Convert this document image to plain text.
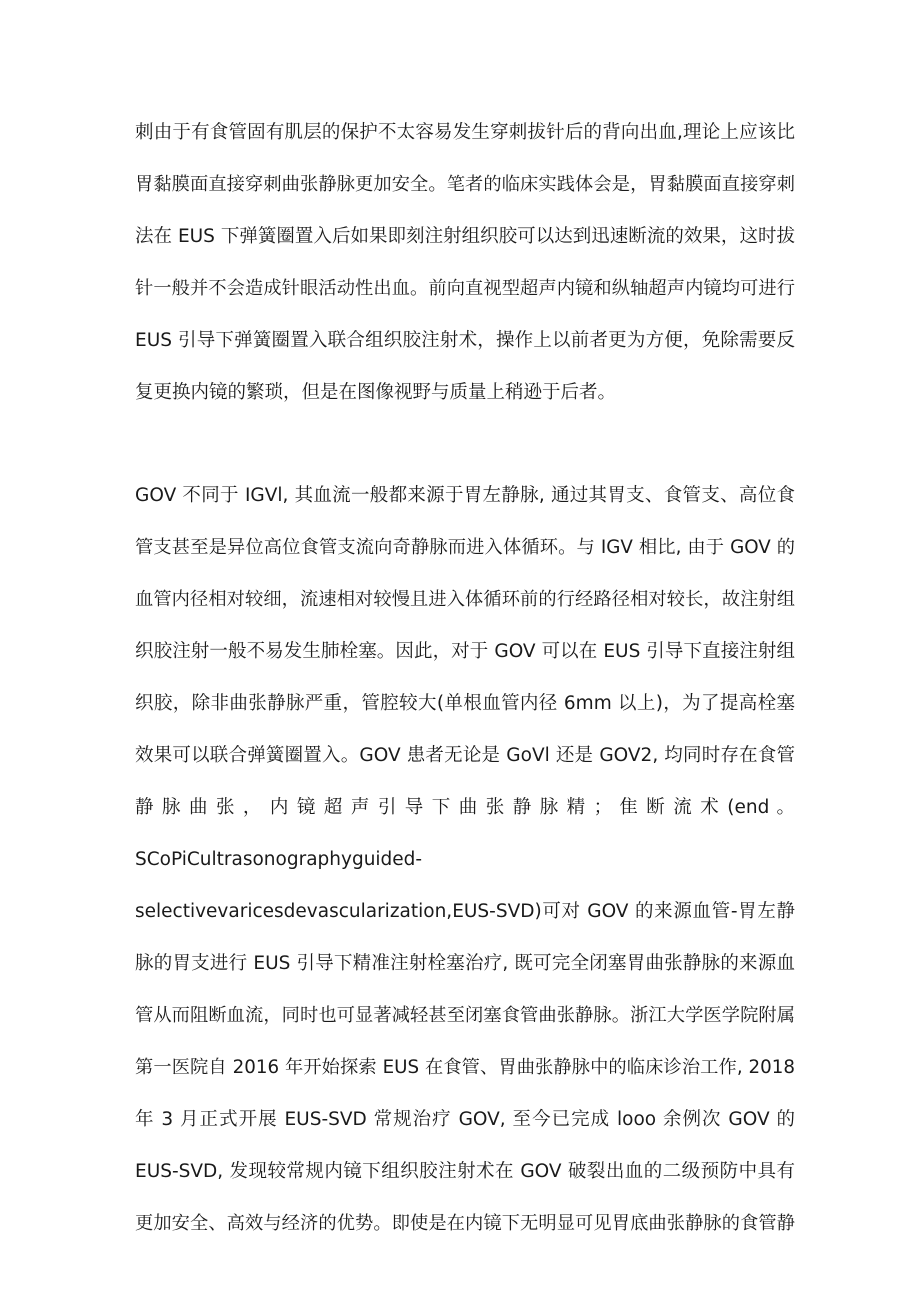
刺由于有食管固有肌层的保护不太容易发生穿刺拔针后的背向出血,理论上应该比
胃黏膜面直接穿刺曲张静脉更加安全。笔者的临床实践体会是，胃黏膜面直接穿刺
法在 EUS 下弹簧圈置入后如果即刻注射组织胶可以达到迅速断流的效果，这时拔
针一般并不会造成针眼活动性出血。前向直视型超声内镜和纵轴超声内镜均可进行
EUS 引导下弹簧圈置入联合组织胶注射术，操作上以前者更为方便，免除需要反
复更换内镜的繁琐，但是在图像视野与质量上稍逊于后者。
GOV 不同于 IGVl, 其血流一般都来源于胃左静脉, 通过其胃支、食管支、高位食
管支甚至是异位高位食管支流向奇静脉而进入体循环。与 IGV 相比, 由于 GOV 的
血管内径相对较细，流速相对较慢且进入体循环前的行经路径相对较长，故注射组
织胶注射一般不易发生肺栓塞。因此，对于 GOV 可以在 EUS 引导下直接注射组
织胶，除非曲张静脉严重，管腔较大(单根血管内径 6mm 以上)，为了提高栓塞
效果可以联合弹簧圈置入。GOV 患者无论是 GoVl 还是 GOV2, 均同时存在食管
静 脉 曲 张 ， 内 镜 超 声 引 导 下 曲 张 静 脉 精 ； 隹 断 流 术 (end 。
SCoPiCultrasonographyguided-
selectivevaricesdevascularization,EUS-SVD)可对 GOV 的来源血管-胃左静
脉的胃支进行 EUS 引导下精准注射栓塞治疗, 既可完全闭塞胃曲张静脉的来源血
管从而阻断血流，同时也可显著减轻甚至闭塞食管曲张静脉。浙江大学医学院附属
第一医院自 2016 年开始探索 EUS 在食管、胃曲张静脉中的临床诊治工作, 2018
年 3 月正式开展 EUS-SVD 常规治疗 GOV, 至今已完成 looo 余例次 GOV 的
EUS-SVD, 发现较常规内镜下组织胶注射术在 GOV 破裂出血的二级预防中具有
更加安全、高效与经济的优势。即使是在内镜下无明显可见胃底曲张静脉的食管静
